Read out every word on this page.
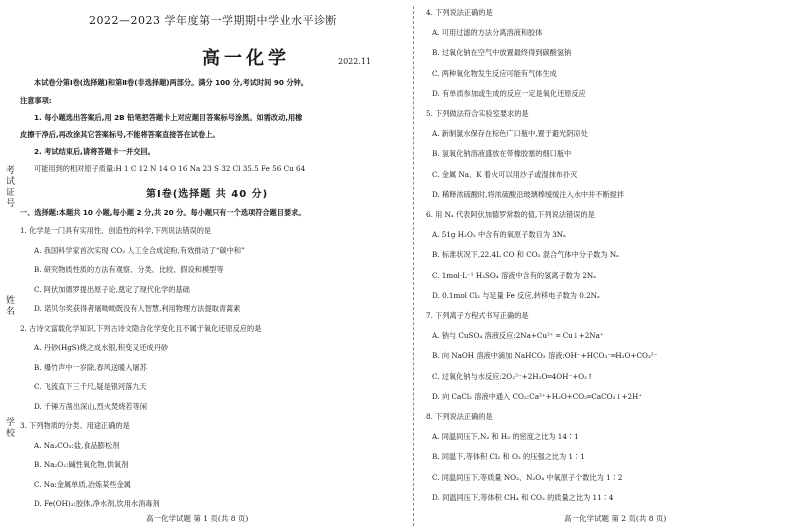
考试证号
姓名
学校
2022—2023 学年度第一学期期中学业水平诊断
高一化学	2022.11
本试卷分第Ⅰ卷(选择题)和第Ⅱ卷(非选择题)两部分。满分 100 分,考试时间 90 分钟。
注意事项:
1. 每小题选出答案后,用 2B 铅笔把答题卡上对应题目答案标号涂黑。如需改动,用橡
皮擦干净后,再改涂其它答案标号,不能将答案直接答在试卷上。
2. 考试结束后,请将答题卡一并交回。
可能用到的相对原子质量:H 1 C 12 N 14 O 16 Na 23 S 32 Cl 35.5 Fe 56 Cu 64
第Ⅰ卷(选择题 共 40 分)
一、选择题:本题共 10 小题,每小题 2 分,共 20 分。每小题只有一个选项符合题目要求。
1. 化学是一门具有实用性、创造性的科学,下列说法错误的是
A. 我国科学家首次实现 CO₂ 人工全合成淀粉,有效推动了“碳中和”
B. 研究物质性质的方法有观察、分类、比较、假设和模型等
C. 阿伏加德罗提出原子论,奠定了现代化学的基础
D. 诺贝尔奖获得者屠呦呦既没有人智慧,利用物理方法提取青蒿素
2. 古诗文富载化学知识,下列古诗文隐含化学变化且不属于氧化还原反应的是
A. 丹砂(HgS)烧之成水银,积变又还成丹砂
B. 爆竹声中一岁除,春风送暖入屠苏
C. 飞流直下三千尺,疑是银河落九天
D. 千锤万凿出深山,烈火焚烧若等闲
3. 下列物质的分类、用途正确的是
A. Na₂CO₃:盐,食品膨松剂
B. Na₂O₂:碱性氧化物,供氧剂
C. Na:金属单质,冶炼某些金属
D. Fe(OH)₃:胶体,净水剂,饮用水消毒剂
高一化学试题 第 1 页(共 8 页)
4. 下列说法正确的是
A. 可用过滤的方法分离溶液和胶体
B. 过氧化钠在空气中放置最终得到碳酸氢钠
C. 两种氧化物发生反应可能有气体生成
D. 有单质参加或生成的反应一定是氧化还原反应
5. 下列做法符合实验室要求的是
A. 新制氯水保存在棕色广口瓶中,置于避光阴凉处
B. 氢氧化钠溶液盛放在带橡胶塞的细口瓶中
C. 金属 Na、K 着火可以用沙子或湿抹布扑灭
D. 稀释浓硫酸时,将浓硫酸沿玻璃棒缓缓注入水中并不断搅拌
6. 用 Nₐ 代表阿伏加德罗常数的值,下列说法错误的是
A. 51g H₂O₂ 中含有的氧原子数目为 3Nₐ
B. 标准状况下,22.4L CO 和 CO₂ 混合气体中分子数为 Nₐ
C. 1mol·L⁻¹ H₂SO₄ 溶液中含有的氢离子数为 2Nₐ
D. 0.1mol Cl₂ 与足量 Fe 反应,转移电子数为 0.2Nₐ
7. 下列离子方程式书写正确的是
A. 钠与 CuSO₄ 溶液反应:2Na+Cu²⁺ ═ Cu↓+2Na⁺
B. 向 NaOH 溶液中滴加 NaHCO₃ 溶液:OH⁻+HCO₃⁻═H₂O+CO₃²⁻
C. 过氧化钠与水反应:2O₂²⁻+2H₂O═4OH⁻+O₂↑
D. 向 CaCl₂ 溶液中通入 CO₂:Ca²⁺+H₂O+CO₂═CaCO₃↓+2H⁺
8. 下列说法正确的是
A. 同温同压下,N₂ 和 H₂ 的密度之比为 14∶1
B. 同温下,等体积 Cl₂ 和 O₂ 的压强之比为 1∶1
C. 同温同压下,等质量 NO₂、N₂O₄ 中氧原子个数比为 1∶2
D. 同温同压下,等体积 CH₄ 和 CO₂ 的质量之比为 11∶4
高一化学试题 第 2 页(共 8 页)
